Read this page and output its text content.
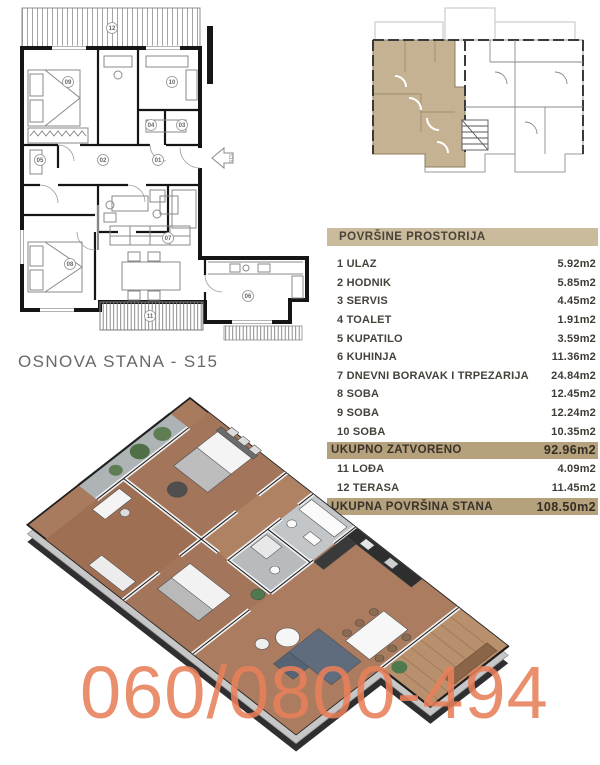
S15
12
09	10
04	03
02	01
05
08
07
06
11
POVRŠINE PROSTORIJA
1 ULAZ	5.92m2
2 HODNIK	5.85m2
3 SERVIS	4.45m2
4 TOALET	1.91m2
5 KUPATILO	3.59m2
6 KUHINJA	11.36m2
7 DNEVNI BORAVAK I TRPEZARIJA 24.84m2
8 SOBA	12.45m2
9 SOBA	12.24m2
10 SOBA	10.35m2
UKUPNO ZATVORENO	92.96m2
11 LOĐA	4.09m2
12 TERASA	11.45m2
UKUPNA POVRŠINA STANA	108.50m2
OSNOVA STANA - S15
060/0800-494
